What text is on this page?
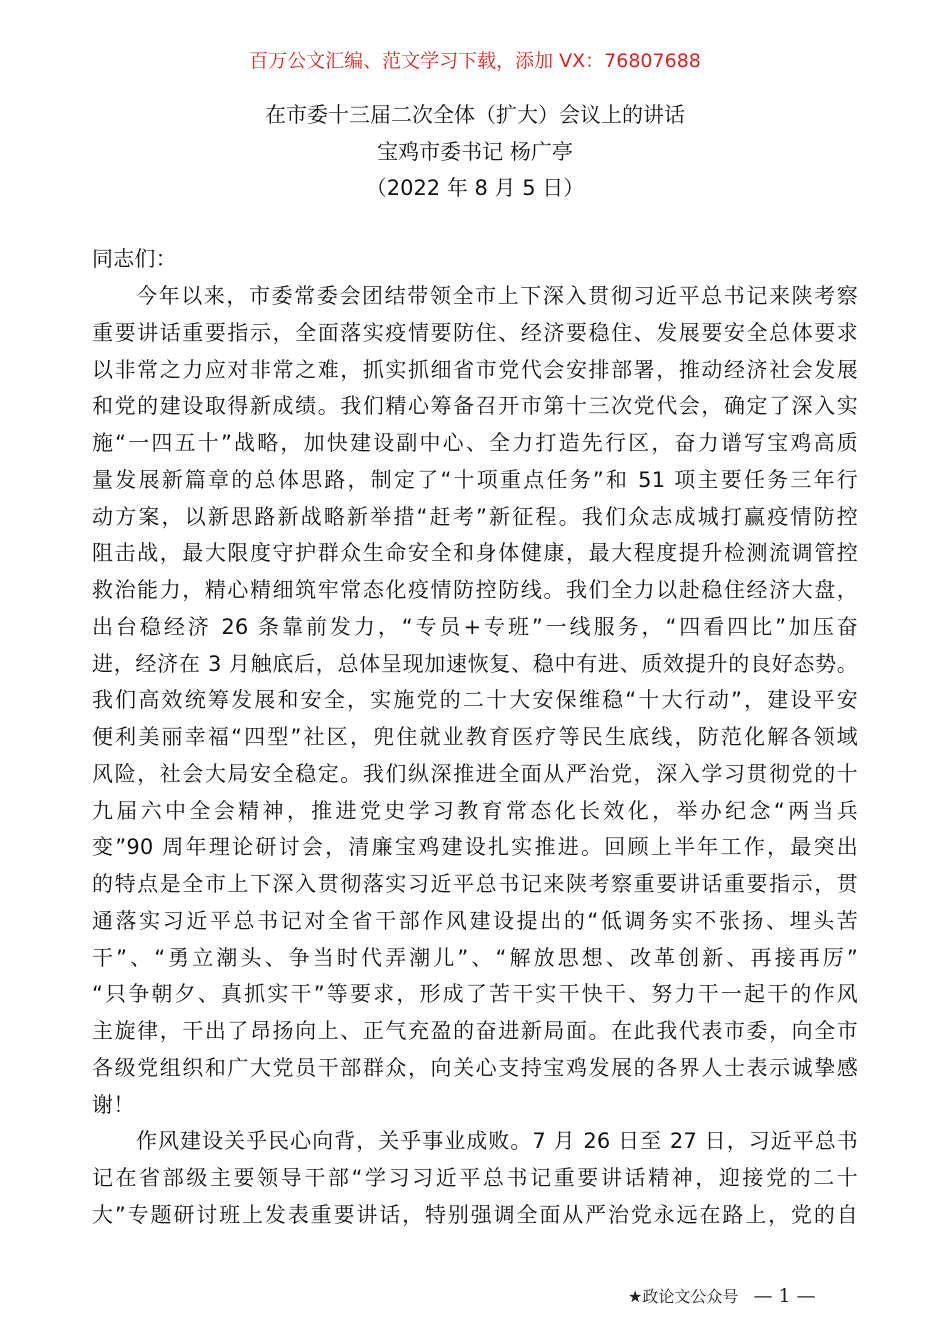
百万公文汇编、范文学习下载，添加 VX：76807688
在市委十三届二次全体（扩大）会议上的讲话
宝鸡市委书记 杨广亭
（2022 年 8 月 5 日）
同志们：
今年以来，市委常委会团结带领全市上下深入贯彻习近平总书记来陕考察
重要讲话重要指示，全面落实疫情要防住、经济要稳住、发展要安全总体要求
以非常之力应对非常之难，抓实抓细省市党代会安排部署，推动经济社会发展
和党的建设取得新成绩。我们精心筹备召开市第十三次党代会，确定了深入实
施“一四五十”战略，加快建设副中心、全力打造先行区，奋力谱写宝鸡高质
量发展新篇章的总体思路，制定了“十项重点任务”和 51 项主要任务三年行
动方案，以新思路新战略新举措“赶考”新征程。我们众志成城打赢疫情防控
阻击战，最大限度守护群众生命安全和身体健康，最大程度提升检测流调管控
救治能力，精心精细筑牢常态化疫情防控防线。我们全力以赴稳住经济大盘，
出台稳经济 26 条靠前发力，“专员+专班”一线服务，“四看四比”加压奋
进，经济在 3 月触底后，总体呈现加速恢复、稳中有进、质效提升的良好态势。
我们高效统筹发展和安全，实施党的二十大安保维稳“十大行动”，建设平安
便利美丽幸福“四型”社区，兜住就业教育医疗等民生底线，防范化解各领域
风险，社会大局安全稳定。我们纵深推进全面从严治党，深入学习贯彻党的十
九届六中全会精神，推进党史学习教育常态化长效化，举办纪念“两当兵
变”90 周年理论研讨会，清廉宝鸡建设扎实推进。回顾上半年工作，最突出
的特点是全市上下深入贯彻落实习近平总书记来陕考察重要讲话重要指示，贯
通落实习近平总书记对全省干部作风建设提出的“低调务实不张扬、埋头苦
干”、“勇立潮头、争当时代弄潮儿”、“解放思想、改革创新、再接再厉”
“只争朝夕、真抓实干”等要求，形成了苦干实干快干、努力干一起干的作风
主旋律，干出了昂扬向上、正气充盈的奋进新局面。在此我代表市委，向全市
各级党组织和广大党员干部群众，向关心支持宝鸡发展的各界人士表示诚挚感
谢！
作风建设关乎民心向背，关乎事业成败。7 月 26 日至 27 日，习近平总书
记在省部级主要领导干部“学习习近平总书记重要讲话精神，迎接党的二十
大”专题研讨班上发表重要讲话，特别强调全面从严治党永远在路上，党的自
★政论文公众号 — 1 —
